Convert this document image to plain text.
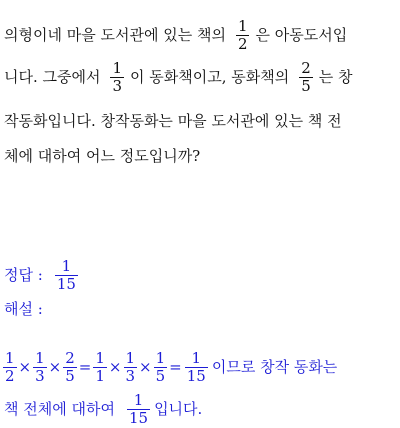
의형이네 마을 도서관에 있는 책의 $\frac{1}{2}$ 은 아동도서입
니다. 그중에서 $\frac{1}{3}$ 이 동화책이고, 동화책의 $\frac{2}{5}$ 는 창
작동화입니다. 창작동화는 마을 도서관에 있는 책 전
체에 대하여 어느 정도입니까?
정답 : $\frac{1}{15}$
해설 :
$\frac{1}{2} \times \frac{1}{3} \times \frac{2}{5} = \frac{1}{1} \times \frac{1}{3} \times \frac{1}{5} = \frac{1}{15}$ 이므로 창작 동화는
책 전체에 대하여 $\frac{1}{15}$ 입니다.
